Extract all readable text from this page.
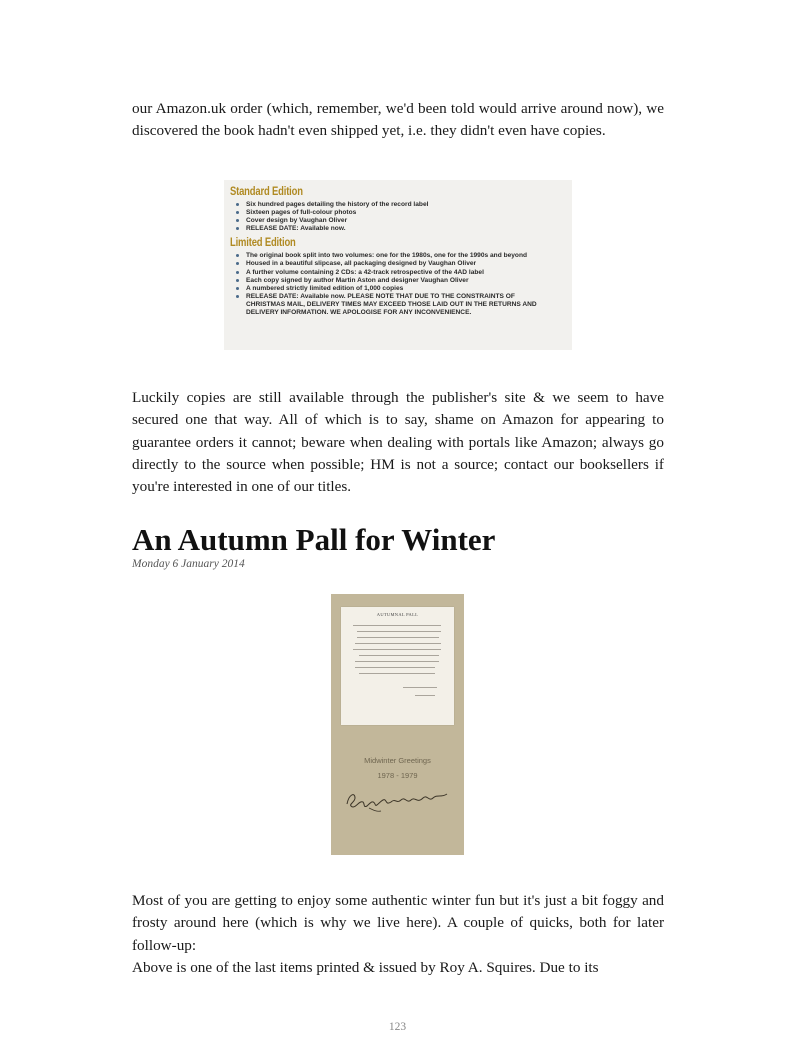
our Amazon.uk order (which, remember, we'd been told would arrive around now), we discovered the book hadn't even shipped yet, i.e. they didn't even have copies.

Standard Edition
Six hundred pages detailing the history of the record label
Sixteen pages of full-colour photos
Cover design by Vaughan Oliver
RELEASE DATE: Available now.
Limited Edition
The original book split into two volumes: one for the 1980s, one for the 1990s and beyond
Housed in a beautiful slipcase, all packaging designed by Vaughan Oliver
A further volume containing 2 CDs: a 42-track retrospective of the 4AD label
Each copy signed by author Martin Aston and designer Vaughan Oliver
A numbered strictly limited edition of 1,000 copies
RELEASE DATE: Available now. PLEASE NOTE THAT DUE TO THE CONSTRAINTS OF
CHRISTMAS MAIL, DELIVERY TIMES MAY EXCEED THOSE LAID OUT IN THE RETURNS AND
DELIVERY INFORMATION. WE APOLOGISE FOR ANY INCONVENIENCE.

Luckily copies are still available through the publisher's site & we seem to have secured one that way. All of which is to say, shame on Amazon for appearing to guarantee orders it cannot; beware when dealing with portals like Amazon; always go directly to the source when possible; HM is not a source; contact our booksellers if you're interested in one of our titles.

An Autumn Pall for Winter
Monday 6 January 2014
AUTUMNAL PALL
Midwinter Greetings
1978 - 1979

Most of you are getting to enjoy some authentic winter fun but it's just a bit foggy and frosty around here (which is why we live here). A couple of quicks, both for later follow-up:

Above is one of the last items printed & issued by Roy A. Squires. Due to its

123
